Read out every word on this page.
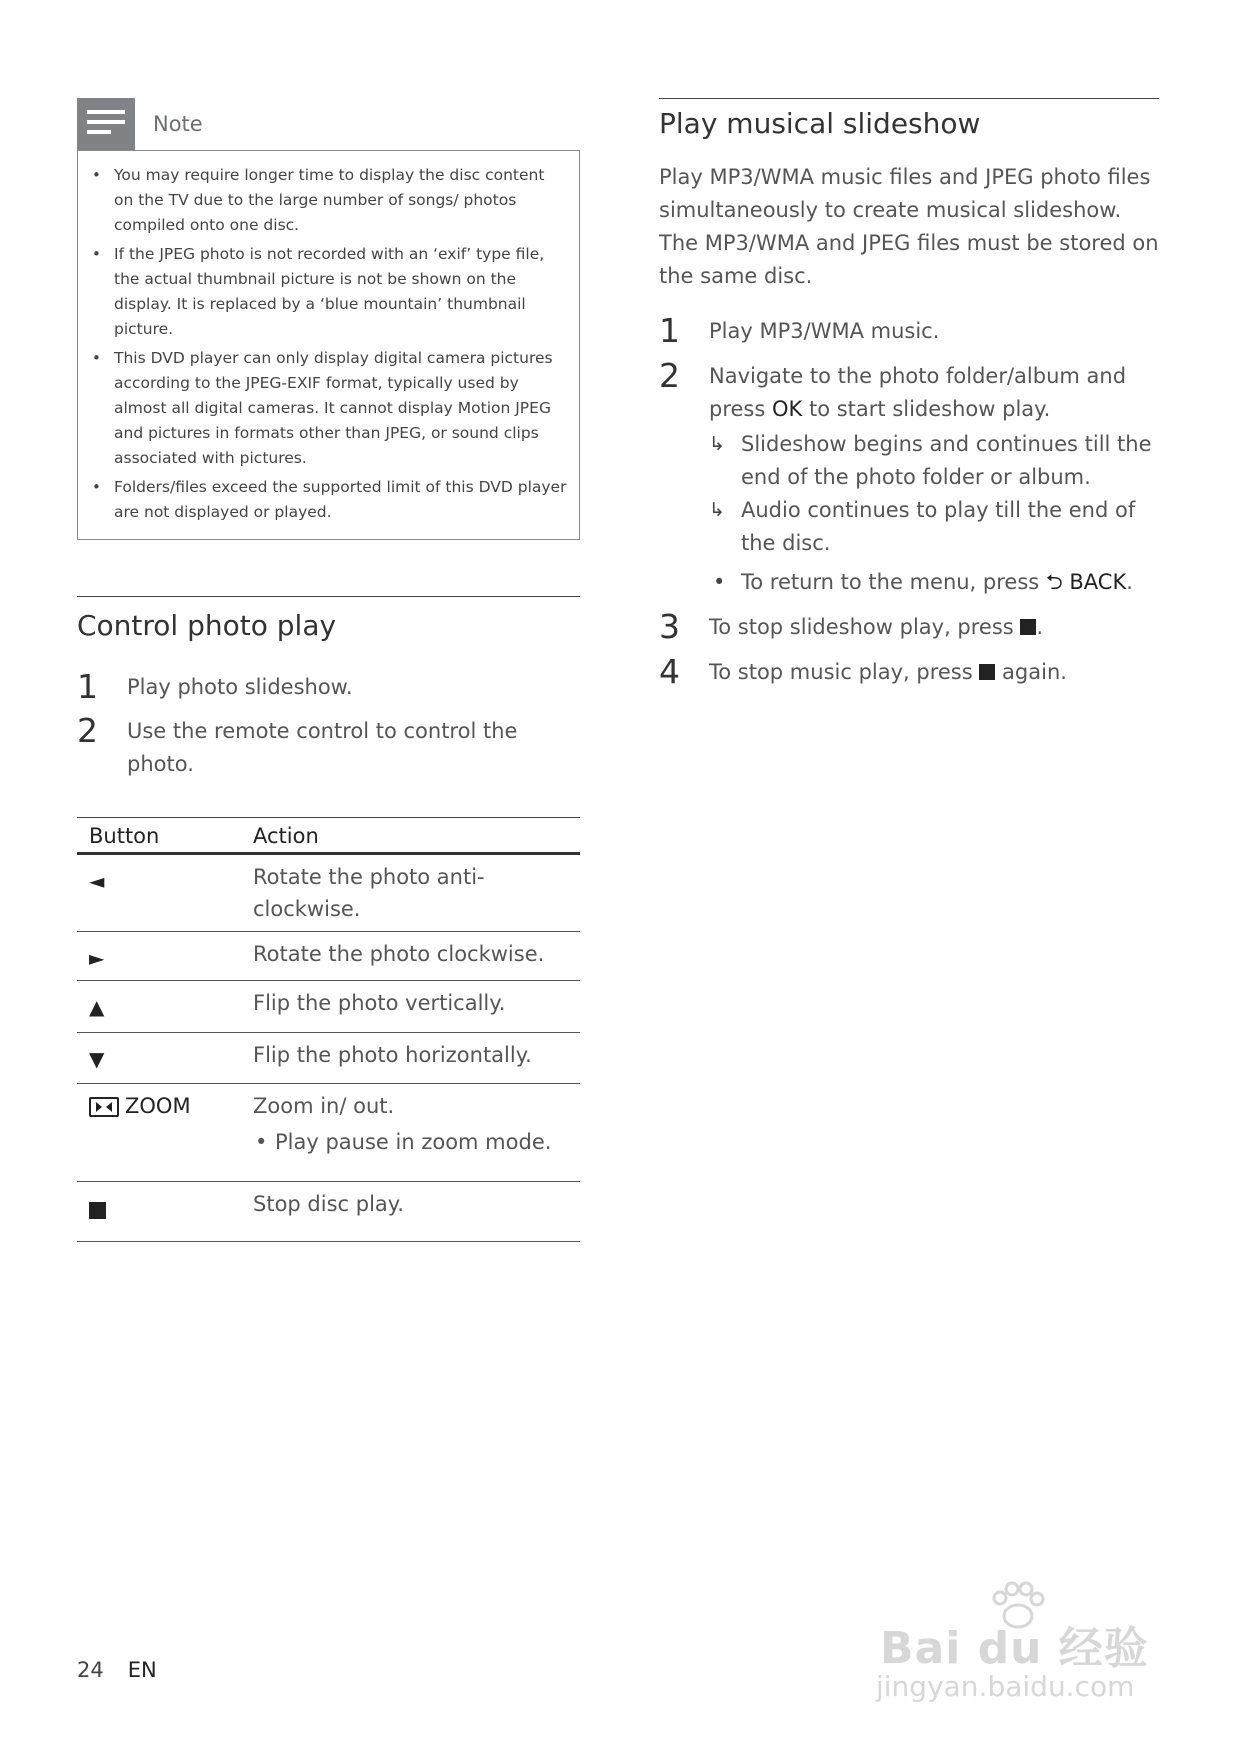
Note
• You may require longer time to display the disc content on the TV due to the large number of songs/ photos compiled onto one disc.
• If the JPEG photo is not recorded with an ‘exif’ type file, the actual thumbnail picture is not be shown on the display. It is replaced by a ‘blue mountain’ thumbnail picture.
• This DVD player can only display digital camera pictures according to the JPEG-EXIF format, typically used by almost all digital cameras. It cannot display Motion JPEG and pictures in formats other than JPEG, or sound clips associated with pictures.
• Folders/files exceed the supported limit of this DVD player are not displayed or played.
Control photo play
1 Play photo slideshow.
2 Use the remote control to control the photo.
Button	Action
◄	Rotate the photo anti-clockwise.
►	Rotate the photo clockwise.
▲	Flip the photo vertically.
▼	Flip the photo horizontally.
ZOOM	Zoom in/ out.
• Play pause in zoom mode.

	Stop disc play.
Play musical slideshow

Play MP3/WMA music files and JPEG photo files simultaneously to create musical slideshow. The MP3/WMA and JPEG files must be stored on the same disc.

1 Play MP3/WMA music.
2 Navigate to the photo folder/album and press OK to start slideshow play.
↳ Slideshow begins and continues till the end of the photo folder or album.
↳ Audio continues to play till the end of the disc.
• To return to the menu, press ⮌ BACK.
3 To stop slideshow play, press .
4 To stop music play, press  again.
24 EN	Bai du 经验
jingyan.baidu.com
